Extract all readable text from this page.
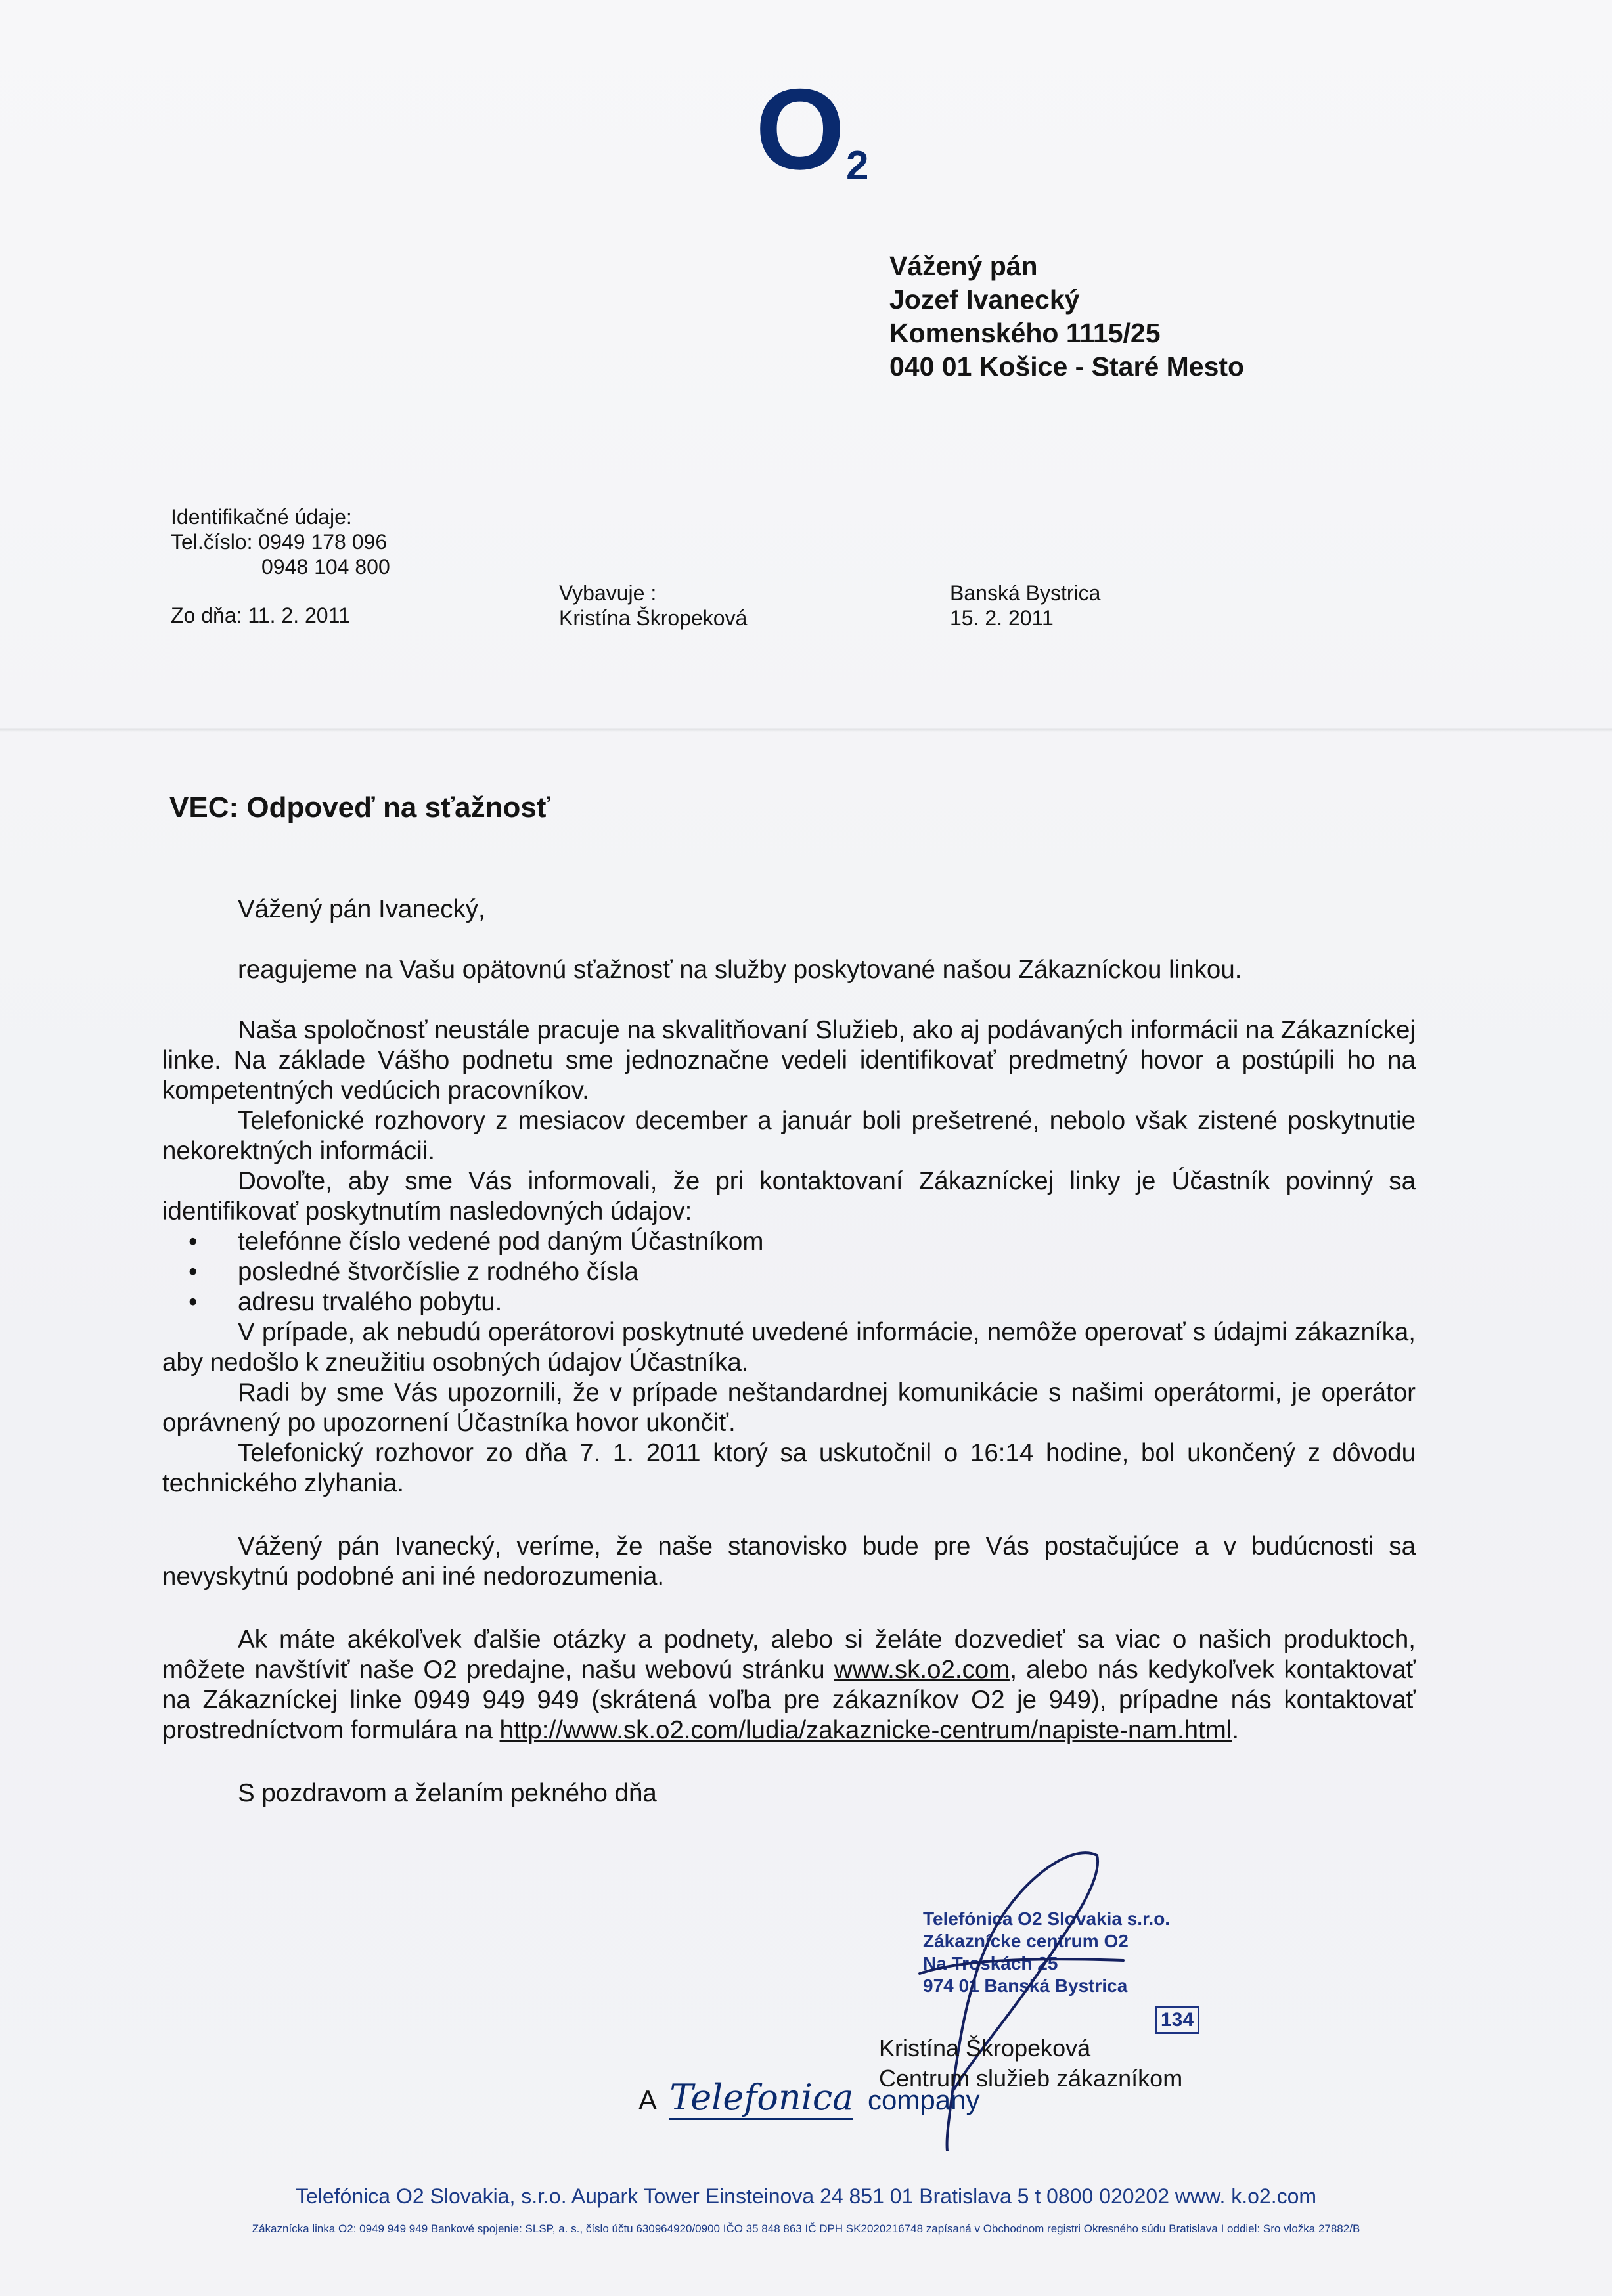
O 2
Vážený pán
Jozef Ivanecký
Komenského 1115/25
040 01 Košice - Staré Mesto
Identifikačné údaje:
Tel.číslo: 0949 178 096
0948 104 800
Zo dňa: 11. 2. 2011
Vybavuje :
Kristína Škropeková
Banská Bystrica
15. 2. 2011
VEC: Odpoveď na sťažnosť

Vážený pán Ivanecký,

reagujeme na Vašu opätovnú sťažnosť na služby poskytované našou Zákazníckou linkou.

Naša spoločnosť neustále pracuje na skvalitňovaní Služieb, ako aj podávaných informácii na Zákazníckej linke. Na základe Vášho podnetu sme jednoznačne vedeli identifikovať predmetný hovor a postúpili ho na kompetentných vedúcich pracovníkov.

Telefonické rozhovory z mesiacov december a január boli prešetrené, nebolo však zistené poskytnutie nekorektných informácii.

Dovoľte, aby sme Vás informovali, že pri kontaktovaní Zákazníckej linky je Účastník povinný sa identifikovať poskytnutím nasledovných údajov:

• telefónne číslo vedené pod daným Účastníkom
• posledné štvorčíslie z rodného čísla
• adresu trvalého pobytu.

V prípade, ak nebudú operátorovi poskytnuté uvedené informácie, nemôže operovať s údajmi zákazníka, aby nedošlo k zneužitiu osobných údajov Účastníka.

Radi by sme Vás upozornili, že v prípade neštandardnej komunikácie s našimi operátormi, je operátor oprávnený po upozornení Účastníka hovor ukončiť.

Telefonický rozhovor zo dňa 7. 1. 2011 ktorý sa uskutočnil o 16:14 hodine, bol ukončený z dôvodu technického zlyhania.

Vážený pán Ivanecký, veríme, že naše stanovisko bude pre Vás postačujúce a v budúcnosti sa nevyskytnú podobné ani iné nedorozumenia.

Ak máte akékoľvek ďalšie otázky a podnety, alebo si želáte dozvedieť sa viac o našich produktoch, môžete navštíviť naše O2 predajne, našu webovú stránku www.sk.o2.com, alebo nás kedykoľvek kontaktovať na Zákazníckej linke 0949 949 949 (skrátená voľba pre zákazníkov O2 je 949), prípadne nás kontaktovať prostredníctvom formulára na http://www.sk.o2.com/ludia/zakaznicke-centrum/napiste-nam.html.

S pozdravom a želaním pekného dňa

Telefónica O2 Slovakia s.r.o.
Zákaznícke centrum O2
Na Troskách 25
974 01 Banská Bystrica
134
Kristína Škropeková
Centrum služieb zákazníkom
A Telefonica company
Telefónica O2 Slovakia, s.r.o. Aupark Tower Einsteinova 24 851 01 Bratislava 5 t 0800 020202 www. k.o2.com
Zákaznícka linka O2: 0949 949 949 Bankové spojenie: SLSP, a. s., číslo účtu 630964920/0900 IČO 35 848 863 IČ DPH SK2020216748 zapísaná v Obchodnom registri Okresného súdu Bratislava I oddiel: Sro vložka 27882/B
